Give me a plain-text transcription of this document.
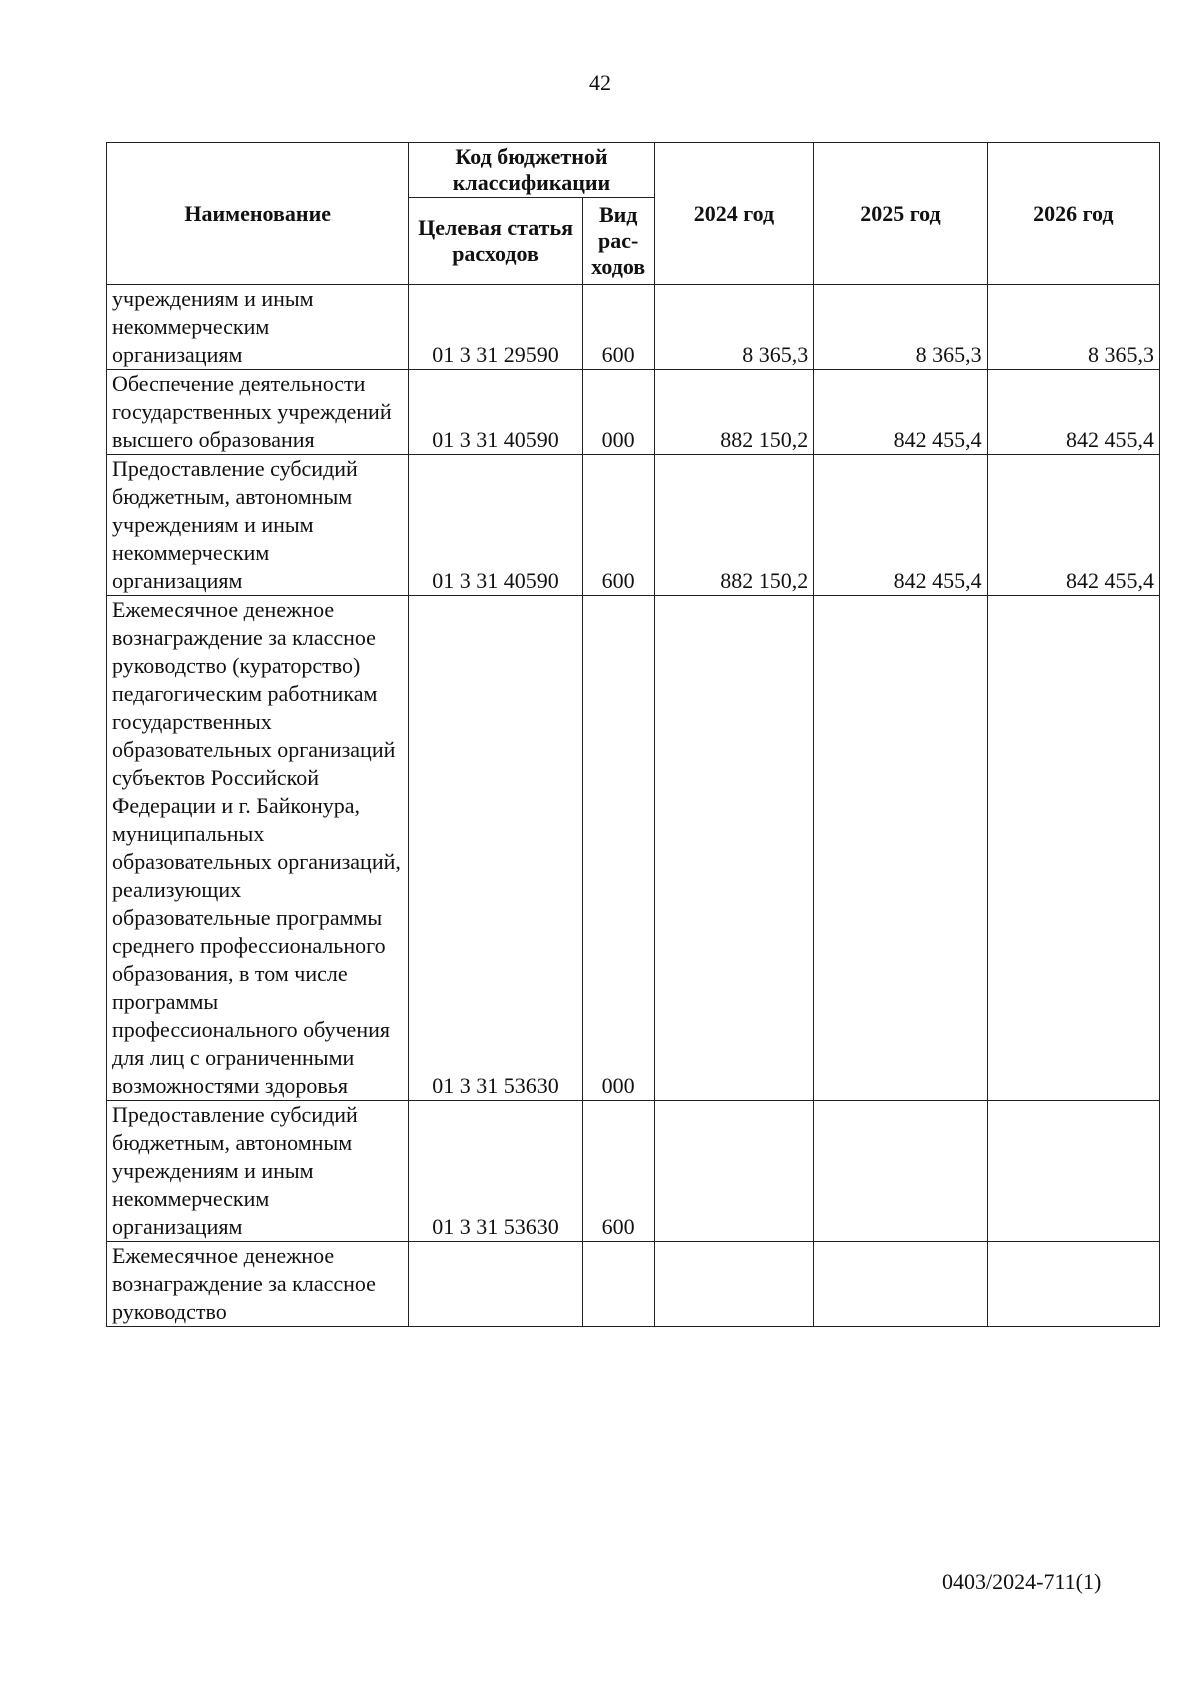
42
Наименование	Код бюджетной классификации		2024 год	2025 год	2026 год
	Целевая статья расходов	Вид рас-ходов			
учреждениям и иным некоммерческим организациям	01 3 31 29590	600	8 365,3	8 365,3	8 365,3
Обеспечение деятельности государственных учреждений высшего образования	01 3 31 40590	000	882 150,2	842 455,4	842 455,4
Предоставление субсидий бюджетным, автономным учреждениям и иным некоммерческим организациям	01 3 31 40590	600	882 150,2	842 455,4	842 455,4
Ежемесячное денежное вознаграждение за классное руководство (кураторство) педагогическим работникам государственных образовательных организаций субъектов Российской Федерации и г. Байконура, муниципальных образовательных организаций, реализующих образовательные программы среднего профессионального образования, в том числе программы профессионального обучения для лиц с ограниченными возможностями здоровья	01 3 31 53630	000			
Предоставление субсидий бюджетным, автономным учреждениям и иным некоммерческим организациям	01 3 31 53630	600			
Ежемесячное денежное вознаграждение за классное руководство					
0403/2024-711(1)
